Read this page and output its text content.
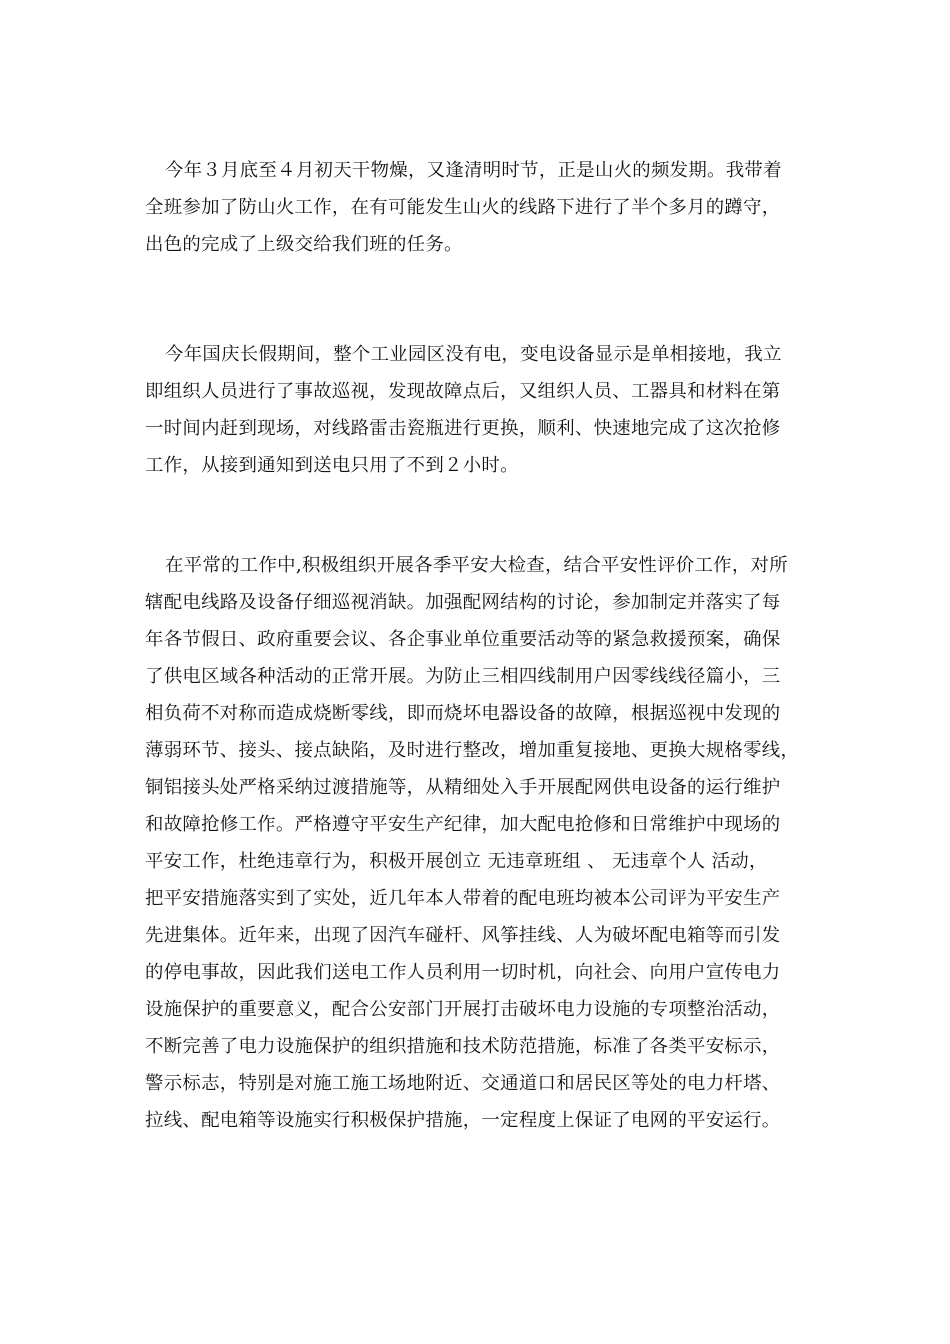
今年３月底至４月初天干物燥，又逢清明时节，正是山火的频发期。我带着
全班参加了防山火工作，在有可能发生山火的线路下进行了半个多月的蹲守，
出色的完成了上级交给我们班的任务。

今年国庆长假期间，整个工业园区没有电，变电设备显示是单相接地，我立
即组织人员进行了事故巡视，发现故障点后，又组织人员、工器具和材料在第
一时间内赶到现场，对线路雷击瓷瓶进行更换，顺利、快速地完成了这次抢修
工作，从接到通知到送电只用了不到２小时。

在平常的工作中,积极组织开展各季平安大检查，结合平安性评价工作，对所
辖配电线路及设备仔细巡视消缺。加强配网结构的讨论，参加制定并落实了每
年各节假日、政府重要会议、各企事业单位重要活动等的紧急救援预案，确保
了供电区域各种活动的正常开展。为防止三相四线制用户因零线线径篇小，三
相负荷不对称而造成烧断零线，即而烧坏电器设备的故障，根据巡视中发现的
薄弱环节、接头、接点缺陷，及时进行整改，增加重复接地、更换大规格零线，
铜铝接头处严格采纳过渡措施等，从精细处入手开展配网供电设备的运行维护
和故障抢修工作。严格遵守平安生产纪律，加大配电抢修和日常维护中现场的
平安工作，杜绝违章行为，积极开展创立 无违章班组 、 无违章个人 活动，
把平安措施落实到了实处，近几年本人带着的配电班均被本公司评为平安生产
先进集体。近年来，出现了因汽车碰杆、风筝挂线、人为破坏配电箱等而引发
的停电事故，因此我们送电工作人员利用一切时机，向社会、向用户宣传电力
设施保护的重要意义，配合公安部门开展打击破坏电力设施的专项整治活动，
不断完善了电力设施保护的组织措施和技术防范措施，标准了各类平安标示，
警示标志，特别是对施工施工场地附近、交通道口和居民区等处的电力杆塔、
拉线、配电箱等设施实行积极保护措施，一定程度上保证了电网的平安运行。
